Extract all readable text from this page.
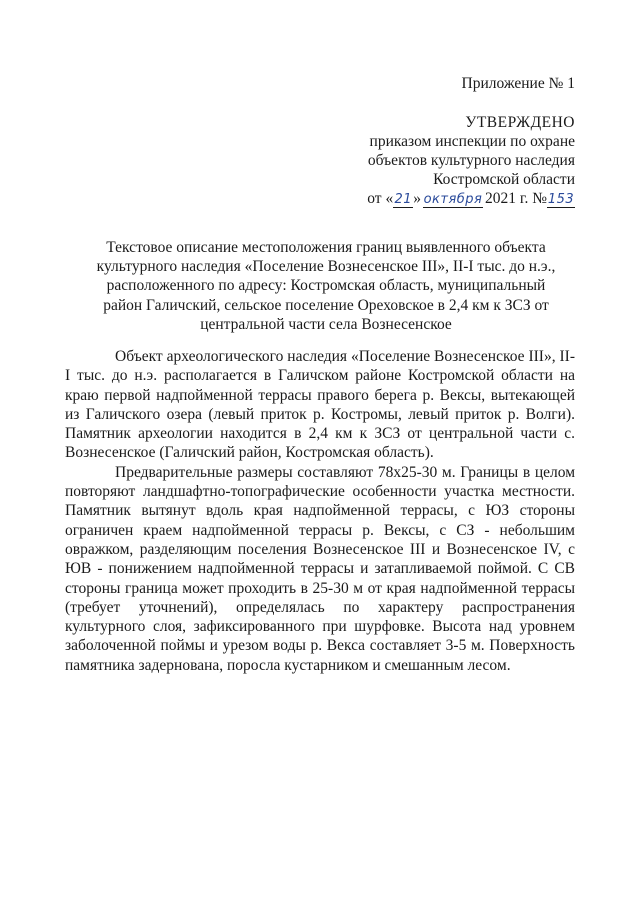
Приложение № 1
УТВЕРЖДЕНО
приказом инспекции по охране
объектов культурного наследия
Костромской области
от «21» октября 2021 г. №153
Текстовое описание местоположения границ выявленного объекта культурного наследия «Поселение Вознесенское III», II-I тыс. до н.э., расположенного по адресу: Костромская область, муниципальный район Галичский, сельское поселение Ореховское в 2,4 км к ЗСЗ от центральной части села Вознесенское

Объект археологического наследия «Поселение Вознесенское III», II-I тыс. до н.э. располагается в Галичском районе Костромской области на краю первой надпойменной террасы правого берега р. Вексы, вытекающей из Галичского озера (левый приток р. Костромы, левый приток р. Волги). Памятник археологии находится в 2,4 км к ЗСЗ от центральной части с. Вознесенское (Галичский район, Костромская область).

Предварительные размеры составляют 78х25-30 м. Границы в целом повторяют ландшафтно-топографические особенности участка местности. Памятник вытянут вдоль края надпойменной террасы, с ЮЗ стороны ограничен краем надпойменной террасы р. Вексы, с СЗ - небольшим овражком, разделяющим поселения Вознесенское III и Вознесенское IV, с ЮВ - понижением надпойменной террасы и затапливаемой поймой. С СВ стороны граница может проходить в 25-30 м от края надпойменной террасы (требует уточнений), определялась по характеру распространения культурного слоя, зафиксированного при шурфовке. Высота над уровнем заболоченной поймы и урезом воды р. Векса составляет 3-5 м. Поверхность памятника задернована, поросла кустарником и смешанным лесом.
